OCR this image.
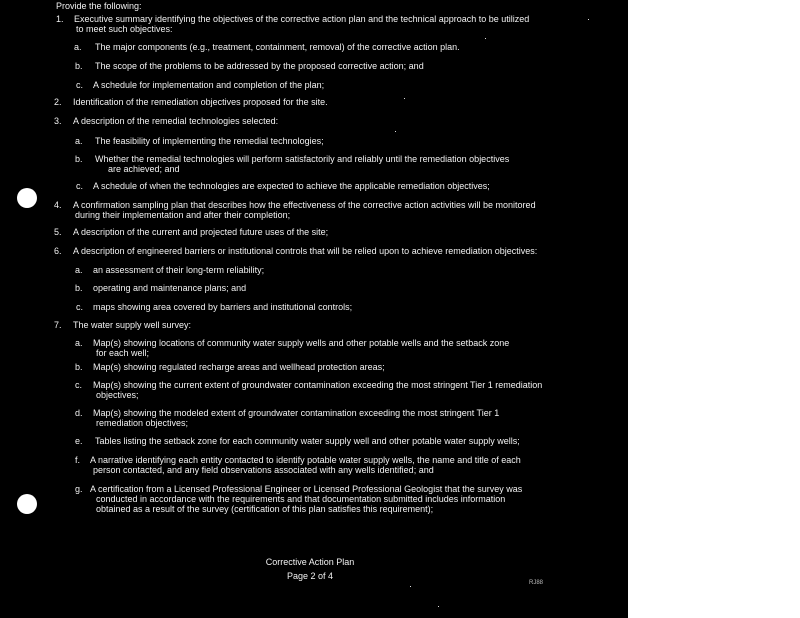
Provide the following:
1. Executive summary identifying the objectives of the corrective action plan and the technical approach to be utilized
to meet such objectives:
a. The major components (e.g., treatment, containment, removal) of the corrective action plan.
b. The scope of the problems to be addressed by the proposed corrective action; and
c. A schedule for implementation and completion of the plan;
2. Identification of the remediation objectives proposed for the site.
3. A description of the remedial technologies selected:
a. The feasibility of implementing the remedial technologies;
b. Whether the remedial technologies will perform satisfactorily and reliably until the remediation objectives
are achieved; and
c. A schedule of when the technologies are expected to achieve the applicable remediation objectives;
4. A confirmation sampling plan that describes how the effectiveness of the corrective action activities will be monitored
during their implementation and after their completion;
5. A description of the current and projected future uses of the site;
6. A description of engineered barriers or institutional controls that will be relied upon to achieve remediation objectives:
a. an assessment of their long-term reliability;
b. operating and maintenance plans; and
c. maps showing area covered by barriers and institutional controls;
7. The water supply well survey:
a. Map(s) showing locations of community water supply wells and other potable wells and the setback zone
for each well;
b. Map(s) showing regulated recharge areas and wellhead protection areas;
c. Map(s) showing the current extent of groundwater contamination exceeding the most stringent Tier 1 remediation
objectives;
d. Map(s) showing the modeled extent of groundwater contamination exceeding the most stringent Tier 1
remediation objectives;
e. Tables listing the setback zone for each community water supply well and other potable water supply wells;
f. A narrative identifying each entity contacted to identify potable water supply wells, the name and title of each
person contacted, and any field observations associated with any wells identified; and
g. A certification from a Licensed Professional Engineer or Licensed Professional Geologist that the survey was
conducted in accordance with the requirements and that documentation submitted includes information
obtained as a result of the survey (certification of this plan satisfies this requirement);
Corrective Action Plan
Page 2 of 4
RJ88
